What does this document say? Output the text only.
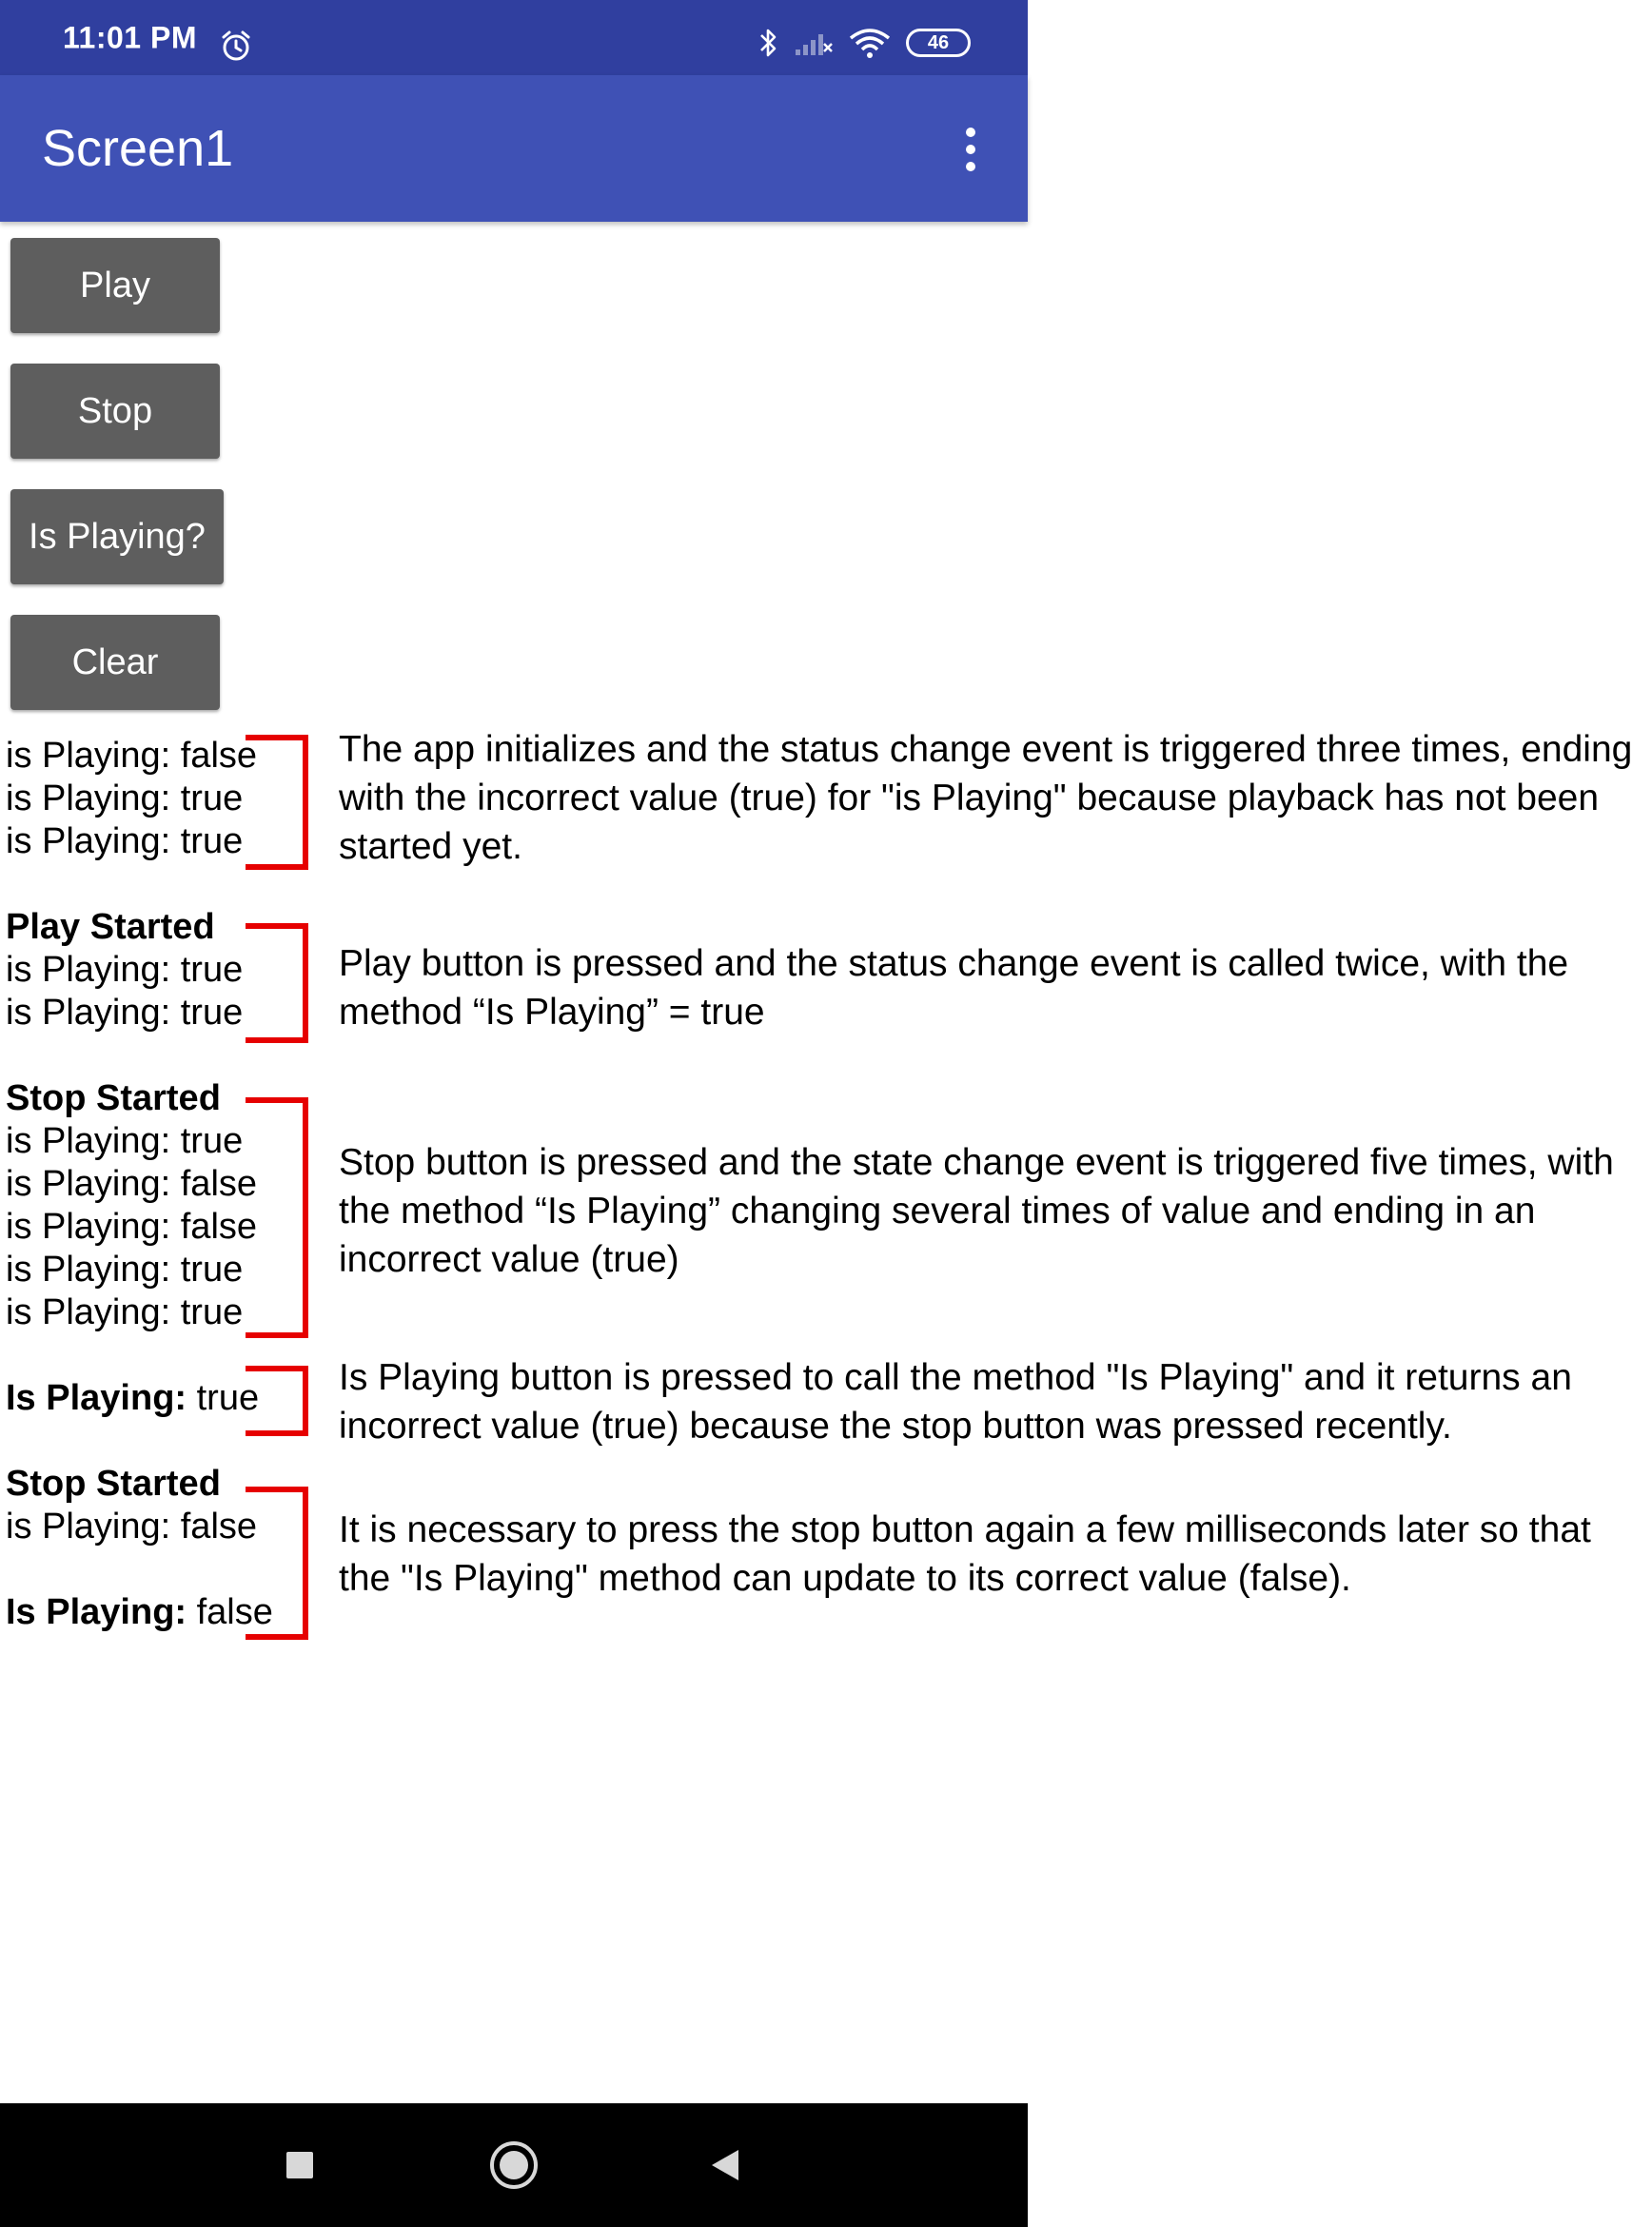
11:01 PM	46
Screen1
Play
Stop
Is Playing?
Clear
is Playing: false
is Playing: true
is Playing: true
Play Started
is Playing: true
is Playing: true
Stop Started
is Playing: true
is Playing: false
is Playing: false
is Playing: true
is Playing: true
Is Playing: true
Stop Started
is Playing: false
Is Playing: false
The app initializes and the status change event is triggered three times, ending with the incorrect value (true) for "is Playing" because playback has not been started yet.
Play button is pressed and the status change event is called twice, with the method “Is Playing” = true
Stop button is pressed and the state change event is triggered five times, with the method “Is Playing” changing several times of value and ending in an incorrect value (true)
Is Playing button is pressed to call the method "Is Playing" and it returns an incorrect value (true) because the stop button was pressed recently.
It is necessary to press the stop button again a few milliseconds later so that the "Is Playing" method can update to its correct value (false).
